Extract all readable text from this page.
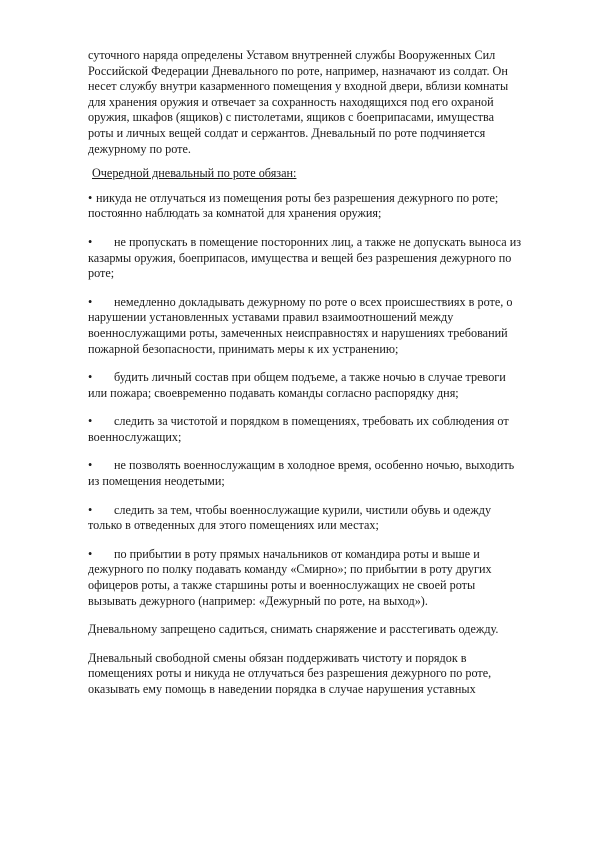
суточного наряда определены Уставом внутренней службы Вооруженных Сил Российской Федерации Дневального по роте, например, назначают из солдат. Он несет службу внутри казарменного помещения у входной двери, вблизи комнаты для хранения оружия и отвечает за сохранность находящихся под его охраной оружия, шкафов (ящиков) с пистолетами, ящиков с боеприпасами, имущества роты и личных вещей солдат и сержантов. Дневальный по роте подчиняется дежурному по роте.

Очередной дневальный по роте обязан:

• никуда не отлучаться из помещения роты без разрешения дежурного по роте; постоянно наблюдать за комнатой для хранения оружия;

• не пропускать в помещение посторонних лиц, а также не допускать выноса из казармы оружия, боеприпасов, имущества и вещей без разрешения дежурного по роте;

• немедленно докладывать дежурному по роте о всех происшествиях в роте, о нарушении установленных уставами правил взаимоотношений между военнослужащими роты, замеченных неисправностях и нарушениях требований пожарной безопасности, принимать меры к их устранению;

• будить личный состав при общем подъеме, а также ночью в случае тревоги или пожара; своевременно подавать команды согласно распорядку дня;

• следить за чистотой и порядком в помещениях, требовать их соблюдения от военнослужащих;

• не позволять военнослужащим в холодное время, особенно ночью, выходить из помещения неодетыми;

• следить за тем, чтобы военнослужащие курили, чистили обувь и одежду только в отведенных для этого помещениях или местах;

• по прибытии в роту прямых начальников от командира роты и выше и дежурного по полку подавать команду «Смирно»; по прибытии в роту других офицеров роты, а также старшины роты и военнослужащих не своей роты вызывать дежурного (например: «Дежурный по роте, на выход»).

Дневальному запрещено садиться, снимать снаряжение и расстегивать одежду.

Дневальный свободной смены обязан поддерживать чистоту и порядок в помещениях роты и никуда не отлучаться без разрешения дежурного по роте, оказывать ему помощь в наведении порядка в случае нарушения уставных
